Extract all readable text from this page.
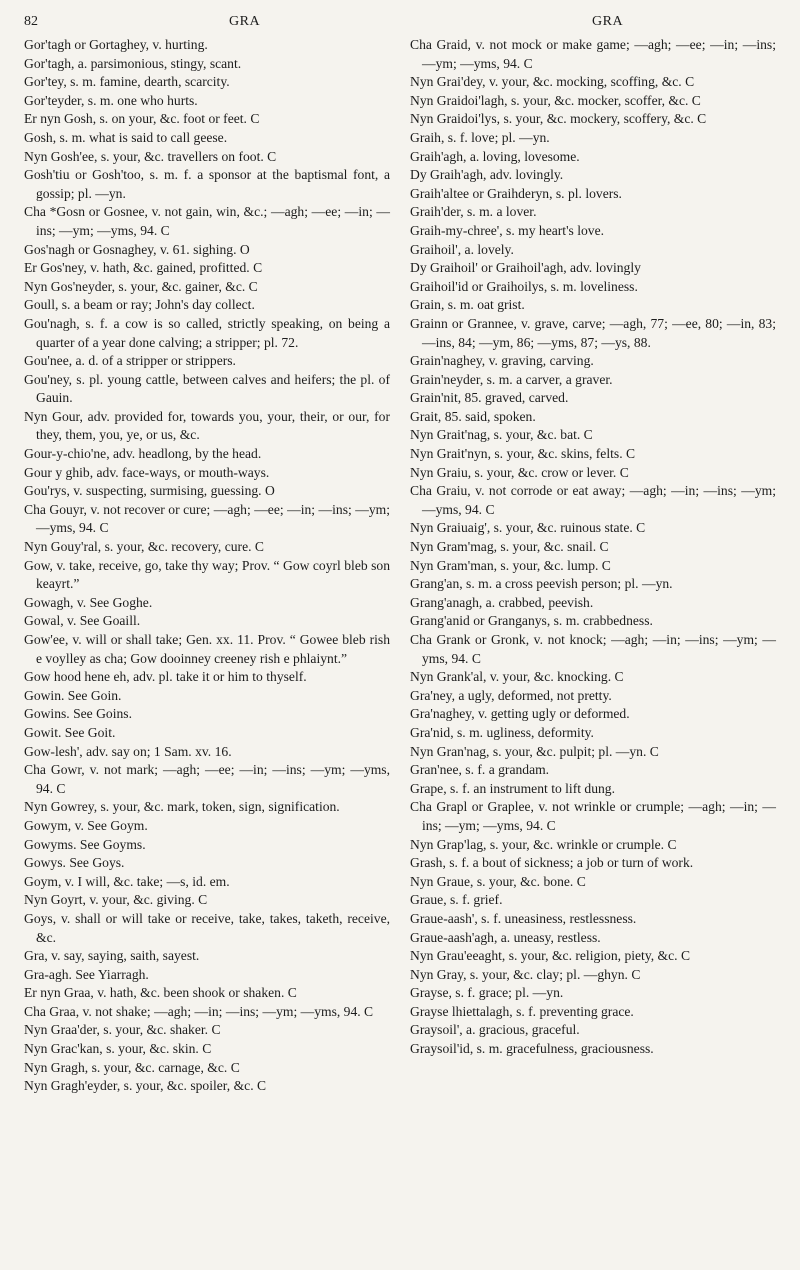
82	GRA	GRA

Gor'tagh or Gortaghey, v. hurting.

Gor'tagh, a. parsimonious, stingy, scant.

Gor'tey, s. m. famine, dearth, scarcity.

Gor'teyder, s. m. one who hurts.

Er nyn Gosh, s. on your, &c. foot or feet. C

Gosh, s. m. what is said to call geese.

Nyn Gosh'ee, s. your, &c. travellers on foot. C

Gosh'tiu or Gosh'too, s. m. f. a sponsor at the baptismal font, a gossip; pl. —yn.

Cha *Gosn or Gosnee, v. not gain, win, &c.; —agh; —ee; —in; —ins; —ym; —yms, 94. C

Gos'nagh or Gosnaghey, v. 61. sighing. O

Er Gos'ney, v. hath, &c. gained, profitted. C

Nyn Gos'neyder, s. your, &c. gainer, &c. C

Goull, s. a beam or ray; John's day collect.

Gou'nagh, s. f. a cow is so called, strictly speaking, on being a quarter of a year done calving; a stripper; pl. 72.

Gou'nee, a. d. of a stripper or strippers.

Gou'ney, s. pl. young cattle, between calves and heifers; the pl. of Gauin.

Nyn Gour, adv. provided for, towards you, your, their, or our, for they, them, you, ye, or us, &c.

Gour-y-chio'ne, adv. headlong, by the head.

Gour y ghib, adv. face-ways, or mouth-ways.

Gou'rys, v. suspecting, surmising, guessing. O

Cha Gouyr, v. not recover or cure; —agh; —ee; —in; —ins; —ym; —yms, 94. C

Nyn Gouy'ral, s. your, &c. recovery, cure. C

Gow, v. take, receive, go, take thy way; Prov. “ Gow coyrl bleb son keayrt.”

Gowagh, v. See Goghe.

Gowal, v. See Goaill.

Gow'ee, v. will or shall take; Gen. xx. 11. Prov. “ Gowee bleb rish e voylley as cha; Gow dooinney creeney rish e phlaiynt.”

Gow hood hene eh, adv. pl. take it or him to thyself.

Gowin. See Goin.

Gowins. See Goins.

Gowit. See Goit.

Gow-lesh', adv. say on; 1 Sam. xv. 16.

Cha Gowr, v. not mark; —agh; —ee; —in; —ins; —ym; —yms, 94. C

Nyn Gowrey, s. your, &c. mark, token, sign, signification.

Gowym, v. See Goym.

Gowyms. See Goyms.

Gowys. See Goys.

Goym, v. I will, &c. take; —s, id. em.

Nyn Goyrt, v. your, &c. giving. C

Goys, v. shall or will take or receive, take, takes, taketh, receive, &c.

Gra, v. say, saying, saith, sayest.

Gra-agh. See Yiarragh.

Er nyn Graa, v. hath, &c. been shook or shaken. C

Cha Graa, v. not shake; —agh; —in; —ins; —ym; —yms, 94. C

Nyn Graa'der, s. your, &c. shaker. C

Nyn Grac'kan, s. your, &c. skin. C

Nyn Gragh, s. your, &c. carnage, &c. C

Nyn Gragh'eyder, s. your, &c. spoiler, &c. C

Cha Graid, v. not mock or make game; —agh; —ee; —in; —ins; —ym; —yms, 94. C

Nyn Grai'dey, v. your, &c. mocking, scoffing, &c. C

Nyn Graidoi'lagh, s. your, &c. mocker, scoffer, &c. C

Nyn Graidoi'lys, s. your, &c. mockery, scoffery, &c. C

Graih, s. f. love; pl. —yn.

Graih'agh, a. loving, lovesome.

Dy Graih'agh, adv. lovingly.

Graih'altee or Graihderyn, s. pl. lovers.

Graih'der, s. m. a lover.

Graih-my-chree', s. my heart's love.

Graihoil', a. lovely.

Dy Graihoil' or Graihoil'agh, adv. lovingly

Graihoil'id or Graihoilys, s. m. loveliness.

Grain, s. m. oat grist.

Grainn or Grannee, v. grave, carve; —agh, 77; —ee, 80; —in, 83; —ins, 84; —ym, 86; —yms, 87; —ys, 88.

Grain'naghey, v. graving, carving.

Grain'neyder, s. m. a carver, a graver.

Grain'nit, 85. graved, carved.

Grait, 85. said, spoken.

Nyn Grait'nag, s. your, &c. bat. C

Nyn Grait'nyn, s. your, &c. skins, felts. C

Nyn Graiu, s. your, &c. crow or lever. C

Cha Graiu, v. not corrode or eat away; —agh; —in; —ins; —ym; —yms, 94. C

Nyn Graiuaig', s. your, &c. ruinous state. C

Nyn Gram'mag, s. your, &c. snail. C

Nyn Gram'man, s. your, &c. lump. C

Grang'an, s. m. a cross peevish person; pl. —yn.

Grang'anagh, a. crabbed, peevish.

Grang'anid or Granganys, s. m. crabbedness.

Cha Grank or Gronk, v. not knock; —agh; —in; —ins; —ym; —yms, 94. C

Nyn Grank'al, v. your, &c. knocking. C

Gra'ney, a ugly, deformed, not pretty.

Gra'naghey, v. getting ugly or deformed.

Gra'nid, s. m. ugliness, deformity.

Nyn Gran'nag, s. your, &c. pulpit; pl. —yn. C

Gran'nee, s. f. a grandam.

Grape, s. f. an instrument to lift dung.

Cha Grapl or Graplee, v. not wrinkle or crumple; —agh; —in; —ins; —ym; —yms, 94. C

Nyn Grap'lag, s. your, &c. wrinkle or crumple. C

Grash, s. f. a bout of sickness; a job or turn of work.

Nyn Graue, s. your, &c. bone. C

Graue, s. f. grief.

Graue-aash', s. f. uneasiness, restlessness.

Graue-aash'agh, a. uneasy, restless.

Nyn Grau'eeaght, s. your, &c. religion, piety, &c. C

Nyn Gray, s. your, &c. clay; pl. —ghyn. C

Grayse, s. f. grace; pl. —yn.

Grayse lhiettalagh, s. f. preventing grace.

Graysoil', a. gracious, graceful.

Graysoil'id, s. m. gracefulness, graciousness.
